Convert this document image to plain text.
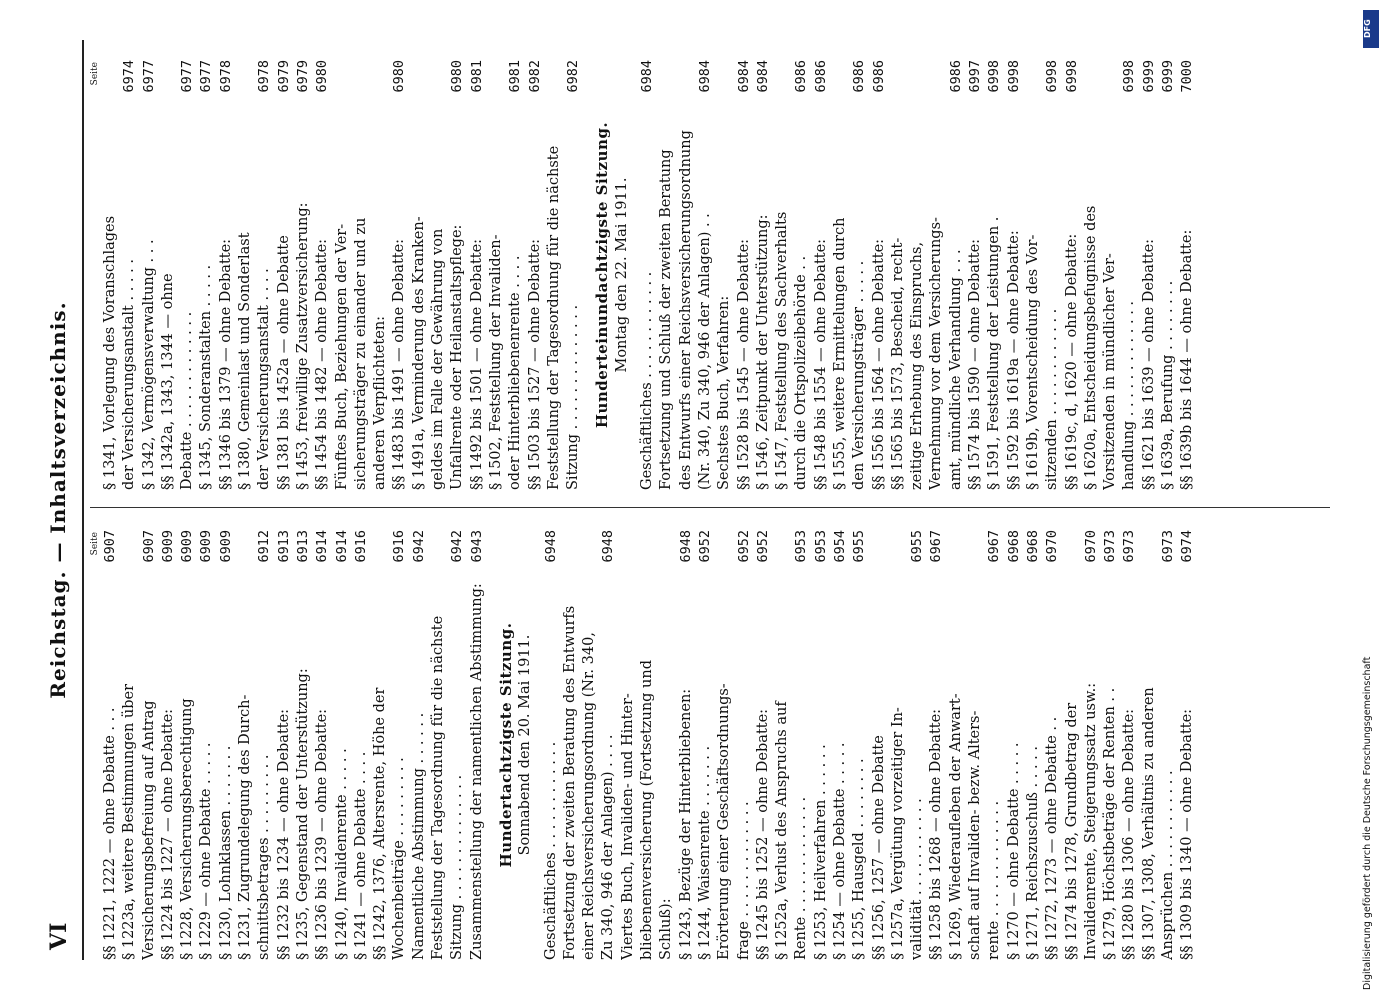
VI
Reichstag. — Inhaltsverzeichnis. Seite
§§ 1221, 1222 — ohne Debatte . . .
6907
§ 1223a, weitere Bestimmungen über Versicherungsbefreiung auf Antrag
6907
§§ 1224 bis 1227 — ohne Debatte:
6909
§ 1228, Versicherungsberechtigung
6909
§ 1229 — ohne Debatte . . . . .
6909
§ 1230, Lohnklassen . . . . . . .
6909
§ 1231, Zugrundelegung des Durch- schnittsbetrages . . . . . . . . .
6912
§§ 1232 bis 1234 — ohne Debatte:
6913
§ 1235, Gegenstand der Unterstützung:
6913
§§ 1236 bis 1239 — ohne Debatte:
6914
§ 1240, Invalidenrente . . . . .
6914
§ 1241 — ohne Debatte . . . .
6916
§§ 1242, 1376, Altersrente, Höhe der Wochenbeiträge . . . . . . . . .
6916
Namentliche Abstimmung . . . . . .
6942
Feststellung der Tagesordnung für die nächste Sitzung . . . . . . . . . . . . . .
6942
Zusammenstellung der namentlichen Abstimmung:
6943
Hundertachtzigste Sitzung. Sonnabend den 20. Mai 1911. Geschäftliches . . . . . . . . . . . .
6948
Fortsetzung der zweiten Beratung des Entwurfs einer Reichsversicherungsordnung (Nr. 340, Zu 340, 946 der Anlagen) . . . .
6948
Viertes Buch, Invaliden- und Hinter- bliebenenversicherung (Fortsetzung und Schluß): § 1243, Bezüge der Hinterbliebenen:
6948
§ 1244, Waisenrente . . . . . . .
6952
Erörterung einer Geschäftsordnungs- frage . . . . . . . . . . . . .
6952
§§ 1245 bis 1252 — ohne Debatte:
6952
§ 1252a, Verlust des Anspruchs auf Rente . . . . . . . . . . . . .
6953
§ 1253, Heilverfahren . . . . . .
6953
§ 1254 — ohne Debatte . . . . .
6954
§ 1255, Hausgeld . . . . . . . .
6955
§§ 1256, 1257 — ohne Debatte § 1257a, Vergütung vorzeitiger In- validität . . . . . . . . . . .
6955
§§ 1258 bis 1268 — ohne Debatte:
6967
§ 1269, Wiederaufleben der Anwart- schaft auf Invaliden- bezw. Alters- rente . . . . . . . . . . . . .
6967
§ 1270 — ohne Debatte . . . . .
6968
§ 1271, Reichszuschuß . . . . .
6968
§§ 1272, 1273 — ohne Debatte . .
6970
§§ 1274 bis 1278, Grundbetrag der Invalidenrente, Steigerungssatz usw.:
6970
§ 1279, Höchstbeträge der Renten . .
6973
§§ 1280 bis 1306 — ohne Debatte:
6973
§§ 1307, 1308, Verhältnis zu anderen Ansprüchen . . . . . . . . . . .
6973
§§ 1309 bis 1340 — ohne Debatte:
6974
Seite
§ 1341, Vorlegung des Voranschlages der Versicherungsanstalt . . . . .
6974
§ 1342, Vermögensverwaltung . . .
6977
§§ 1342a, 1343, 1344 — ohne Debatte . . . . . . . . . . . . .
6977
§ 1345, Sonderanstalten . . . . .
6977
§§ 1346 bis 1379 — ohne Debatte:
6978
§ 1380, Gemeinlast und Sonderlast der Versicherungsanstalt . . . .
6978
§§ 1381 bis 1452a — ohne Debatte
6979
§ 1453, freiwillige Zusatzversicherung:
6979
§§ 1454 bis 1482 — ohne Debatte:
6980
Fünftes Buch, Beziehungen der Ver- sicherungsträger zu einander und zu anderen Verpflichteten: §§ 1483 bis 1491 — ohne Debatte:
6980
§ 1491a, Verminderung des Kranken- geldes im Falle der Gewährung von Unfallrente oder Heilanstaltspflege:
6980
§§ 1492 bis 1501 — ohne Debatte:
6981
§ 1502, Feststellung der Invaliden- oder Hinterbliebenenrente . . . .
6981
§§ 1503 bis 1527 — ohne Debatte:
6982
Feststellung der Tagesordnung für die nächste Sitzung . . . . . . . . . . . . . .
6982
Hunderteinundachtzigste Sitzung. Montag den 22. Mai 1911. Geschäftliches . . . . . . . . . . . .
6984
Fortsetzung und Schluß der zweiten Beratung des Entwurfs einer Reichsversicherungsordnung (Nr. 340, Zu 340, 946 der Anlagen) . .
6984
Sechstes Buch, Verfahren: §§ 1528 bis 1545 — ohne Debatte:
6984
§ 1546, Zeitpunkt der Unterstützung:
6984
§ 1547, Feststellung des Sachverhalts durch die Ortspolizeibehörde . .
6986
§§ 1548 bis 1554 — ohne Debatte:
6986
§ 1555, weitere Ermittelungen durch den Versicherungsträger . . . . .
6986
§§ 1556 bis 1564 — ohne Debatte:
6986
§§ 1565 bis 1573, Bescheid, recht- zeitige Erhebung des Einspruchs, Vernehmung vor dem Versicherungs- amt, mündliche Verhandlung . . .
6986
§§ 1574 bis 1590 — ohne Debatte:
6997
§ 1591, Feststellung der Leistungen .
6998
§§ 1592 bis 1619a — ohne Debatte:
6998
§ 1619b, Vorentscheidung des Vor- sitzenden . . . . . . . . . . . .
6998
§§ 1619c, d, 1620 — ohne Debatte:
6998
§ 1620a, Entscheidungsbefugnisse des Vorsitzenden in mündlicher Ver- handlung . . . . . . . . . . . . .
6998
§§ 1621 bis 1639 — ohne Debatte:
6999
§ 1639a, Berufung . . . . . . . .
6999
§§ 1639b bis 1644 — ohne Debatte:
7000
DFG
Digitalisierung gefördert durch die Deutsche Forschungsgemeinschaft
